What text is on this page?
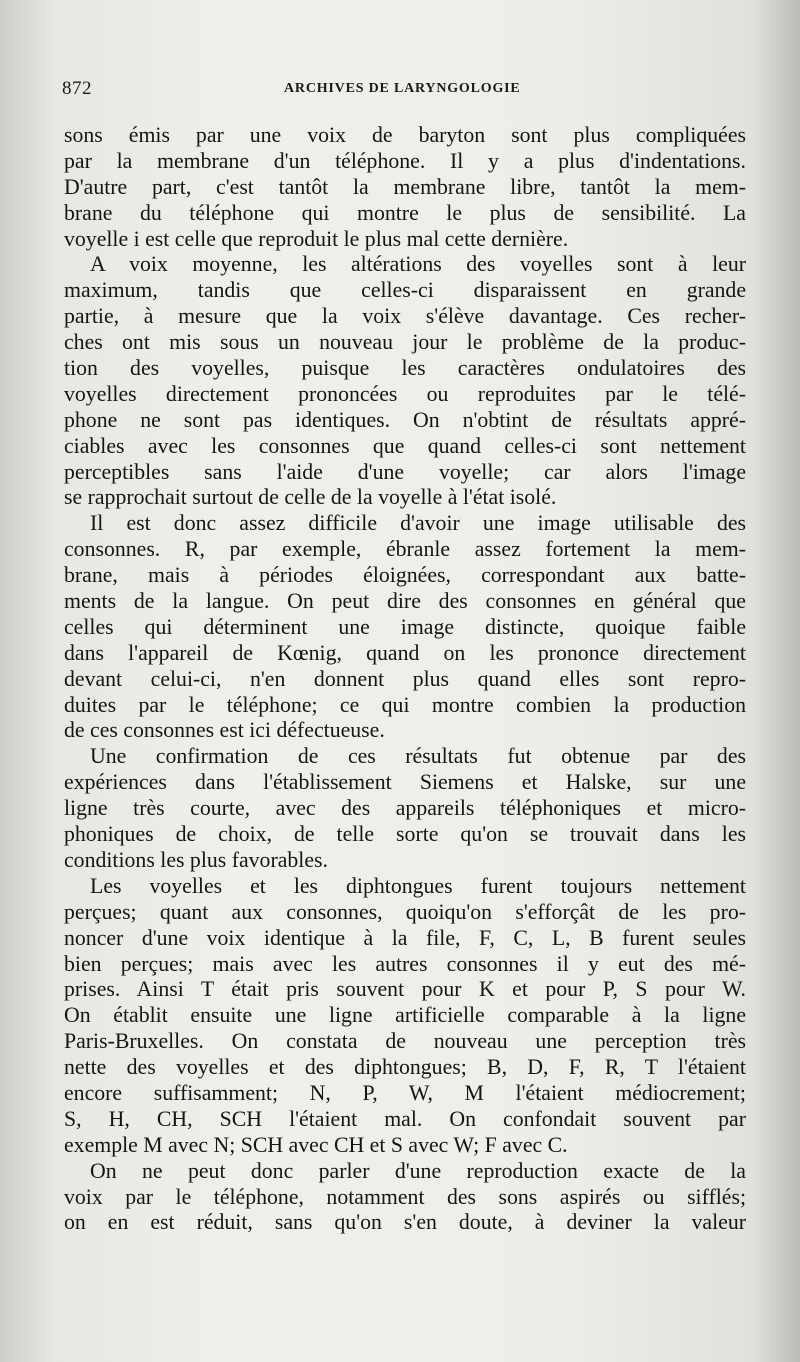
872	ARCHIVES DE LARYNGOLOGIE
sons émis par une voix de baryton sont plus compliquées
par la membrane d'un téléphone. Il y a plus d'indentations.
D'autre part, c'est tantôt la membrane libre, tantôt la mem-
brane du téléphone qui montre le plus de sensibilité. La
voyelle i est celle que reproduit le plus mal cette dernière.
A voix moyenne, les altérations des voyelles sont à leur
maximum, tandis que celles-ci disparaissent en grande
partie, à mesure que la voix s'élève davantage. Ces recher-
ches ont mis sous un nouveau jour le problème de la produc-
tion des voyelles, puisque les caractères ondulatoires des
voyelles directement prononcées ou reproduites par le télé-
phone ne sont pas identiques. On n'obtint de résultats appré-
ciables avec les consonnes que quand celles-ci sont nettement
perceptibles sans l'aide d'une voyelle; car alors l'image
se rapprochait surtout de celle de la voyelle à l'état isolé.
Il est donc assez difficile d'avoir une image utilisable des
consonnes. R, par exemple, ébranle assez fortement la mem-
brane, mais à périodes éloignées, correspondant aux batte-
ments de la langue. On peut dire des consonnes en général que
celles qui déterminent une image distincte, quoique faible
dans l'appareil de Kœnig, quand on les prononce directement
devant celui-ci, n'en donnent plus quand elles sont repro-
duites par le téléphone; ce qui montre combien la production
de ces consonnes est ici défectueuse.
Une confirmation de ces résultats fut obtenue par des
expériences dans l'établissement Siemens et Halske, sur une
ligne très courte, avec des appareils téléphoniques et micro-
phoniques de choix, de telle sorte qu'on se trouvait dans les
conditions les plus favorables.
Les voyelles et les diphtongues furent toujours nettement
perçues; quant aux consonnes, quoiqu'on s'efforçât de les pro-
noncer d'une voix identique à la file, F, C, L, B furent seules
bien perçues; mais avec les autres consonnes il y eut des mé-
prises. Ainsi T était pris souvent pour K et pour P, S pour W.
On établit ensuite une ligne artificielle comparable à la ligne
Paris-Bruxelles. On constata de nouveau une perception très
nette des voyelles et des diphtongues; B, D, F, R, T l'étaient
encore suffisamment; N, P, W, M l'étaient médiocrement;
S, H, CH, SCH l'étaient mal. On confondait souvent par
exemple M avec N; SCH avec CH et S avec W; F avec C.
On ne peut donc parler d'une reproduction exacte de la
voix par le téléphone, notamment des sons aspirés ou sifflés;
on en est réduit, sans qu'on s'en doute, à deviner la valeur
